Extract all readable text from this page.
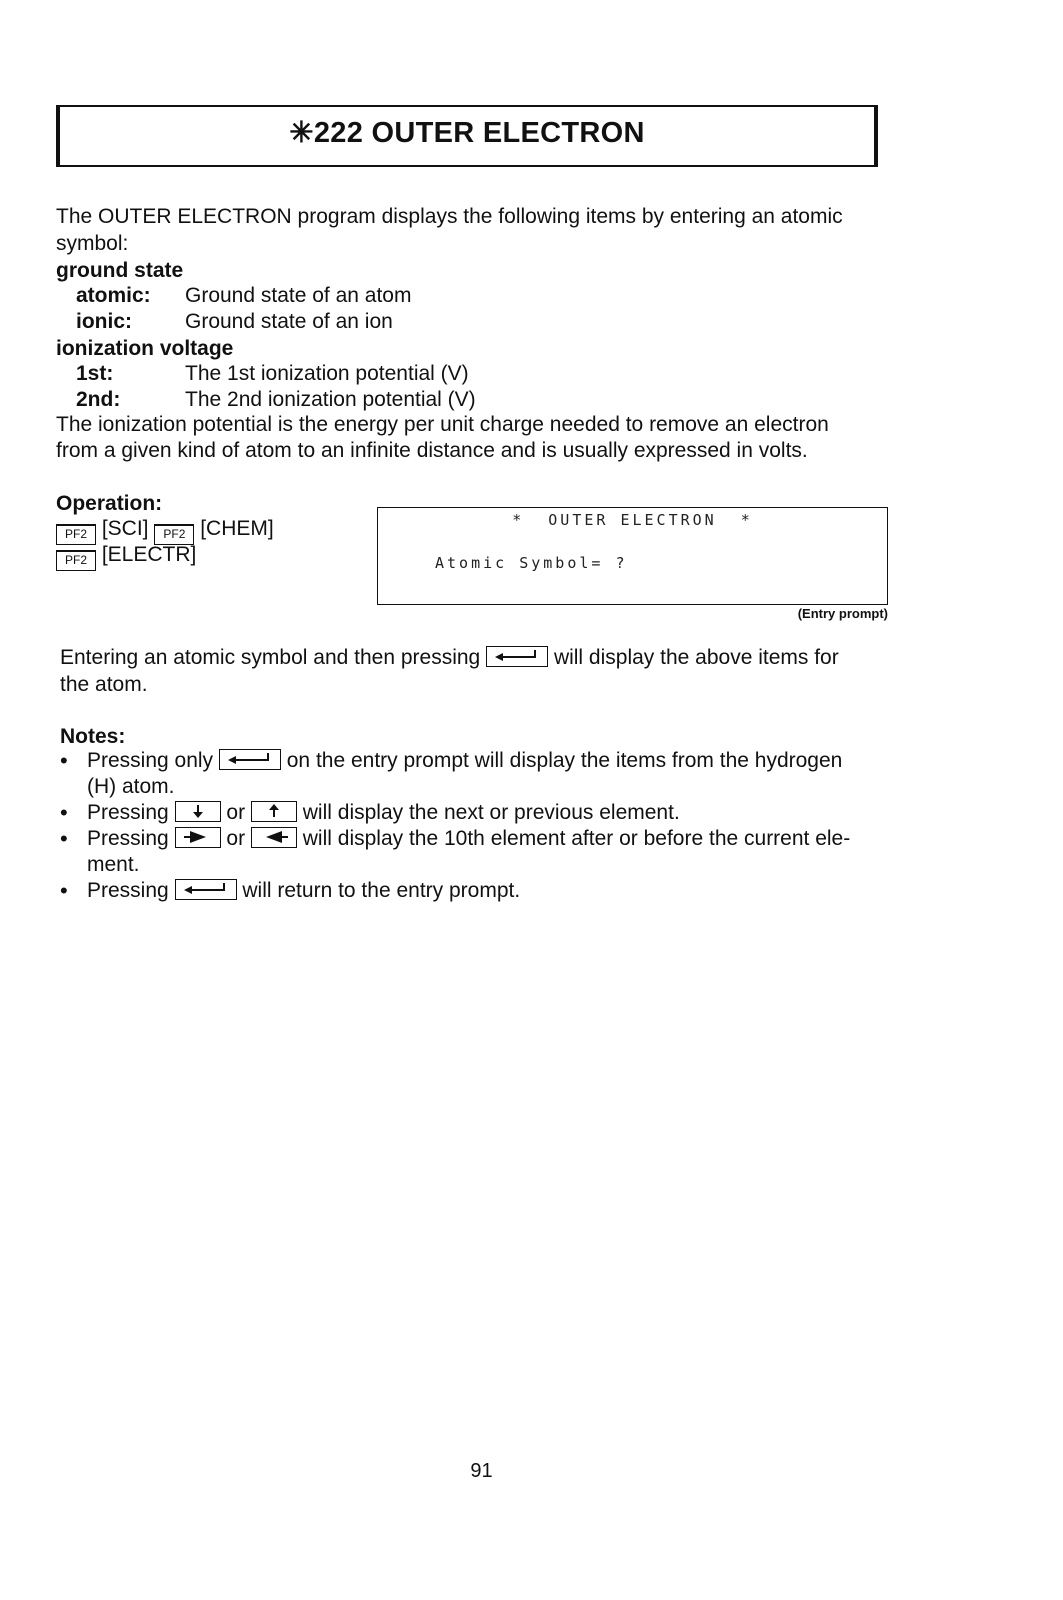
✳222 OUTER ELECTRON
The OUTER ELECTRON program displays the following items by entering an atomic
symbol:
ground state
atomic: Ground state of an atom
ionic:	Ground state of an ion
ionization voltage
1st:	The 1st ionization potential (V)
2nd:	The 2nd ionization potential (V)
The ionization potential is the energy per unit charge needed to remove an electron
from a given kind of atom to an infinite distance and is usually expressed in volts.
Operation:
PF2 [SCI] PF2 [CHEM]
PF2 [ELECTR]
*  OUTER ELECTRON  *
Atomic Symbol= ?
(Entry prompt)
Entering an atomic symbol and then pressing	will display the above items for
the atom.
Notes:
• Pressing only	on the entry prompt will display the items from the hydrogen
(H) atom.
• Pressing	or	will display the next or previous element.
• Pressing	or	will display the 10th element after or before the current ele-
ment.
• Pressing	will return to the entry prompt.
91
